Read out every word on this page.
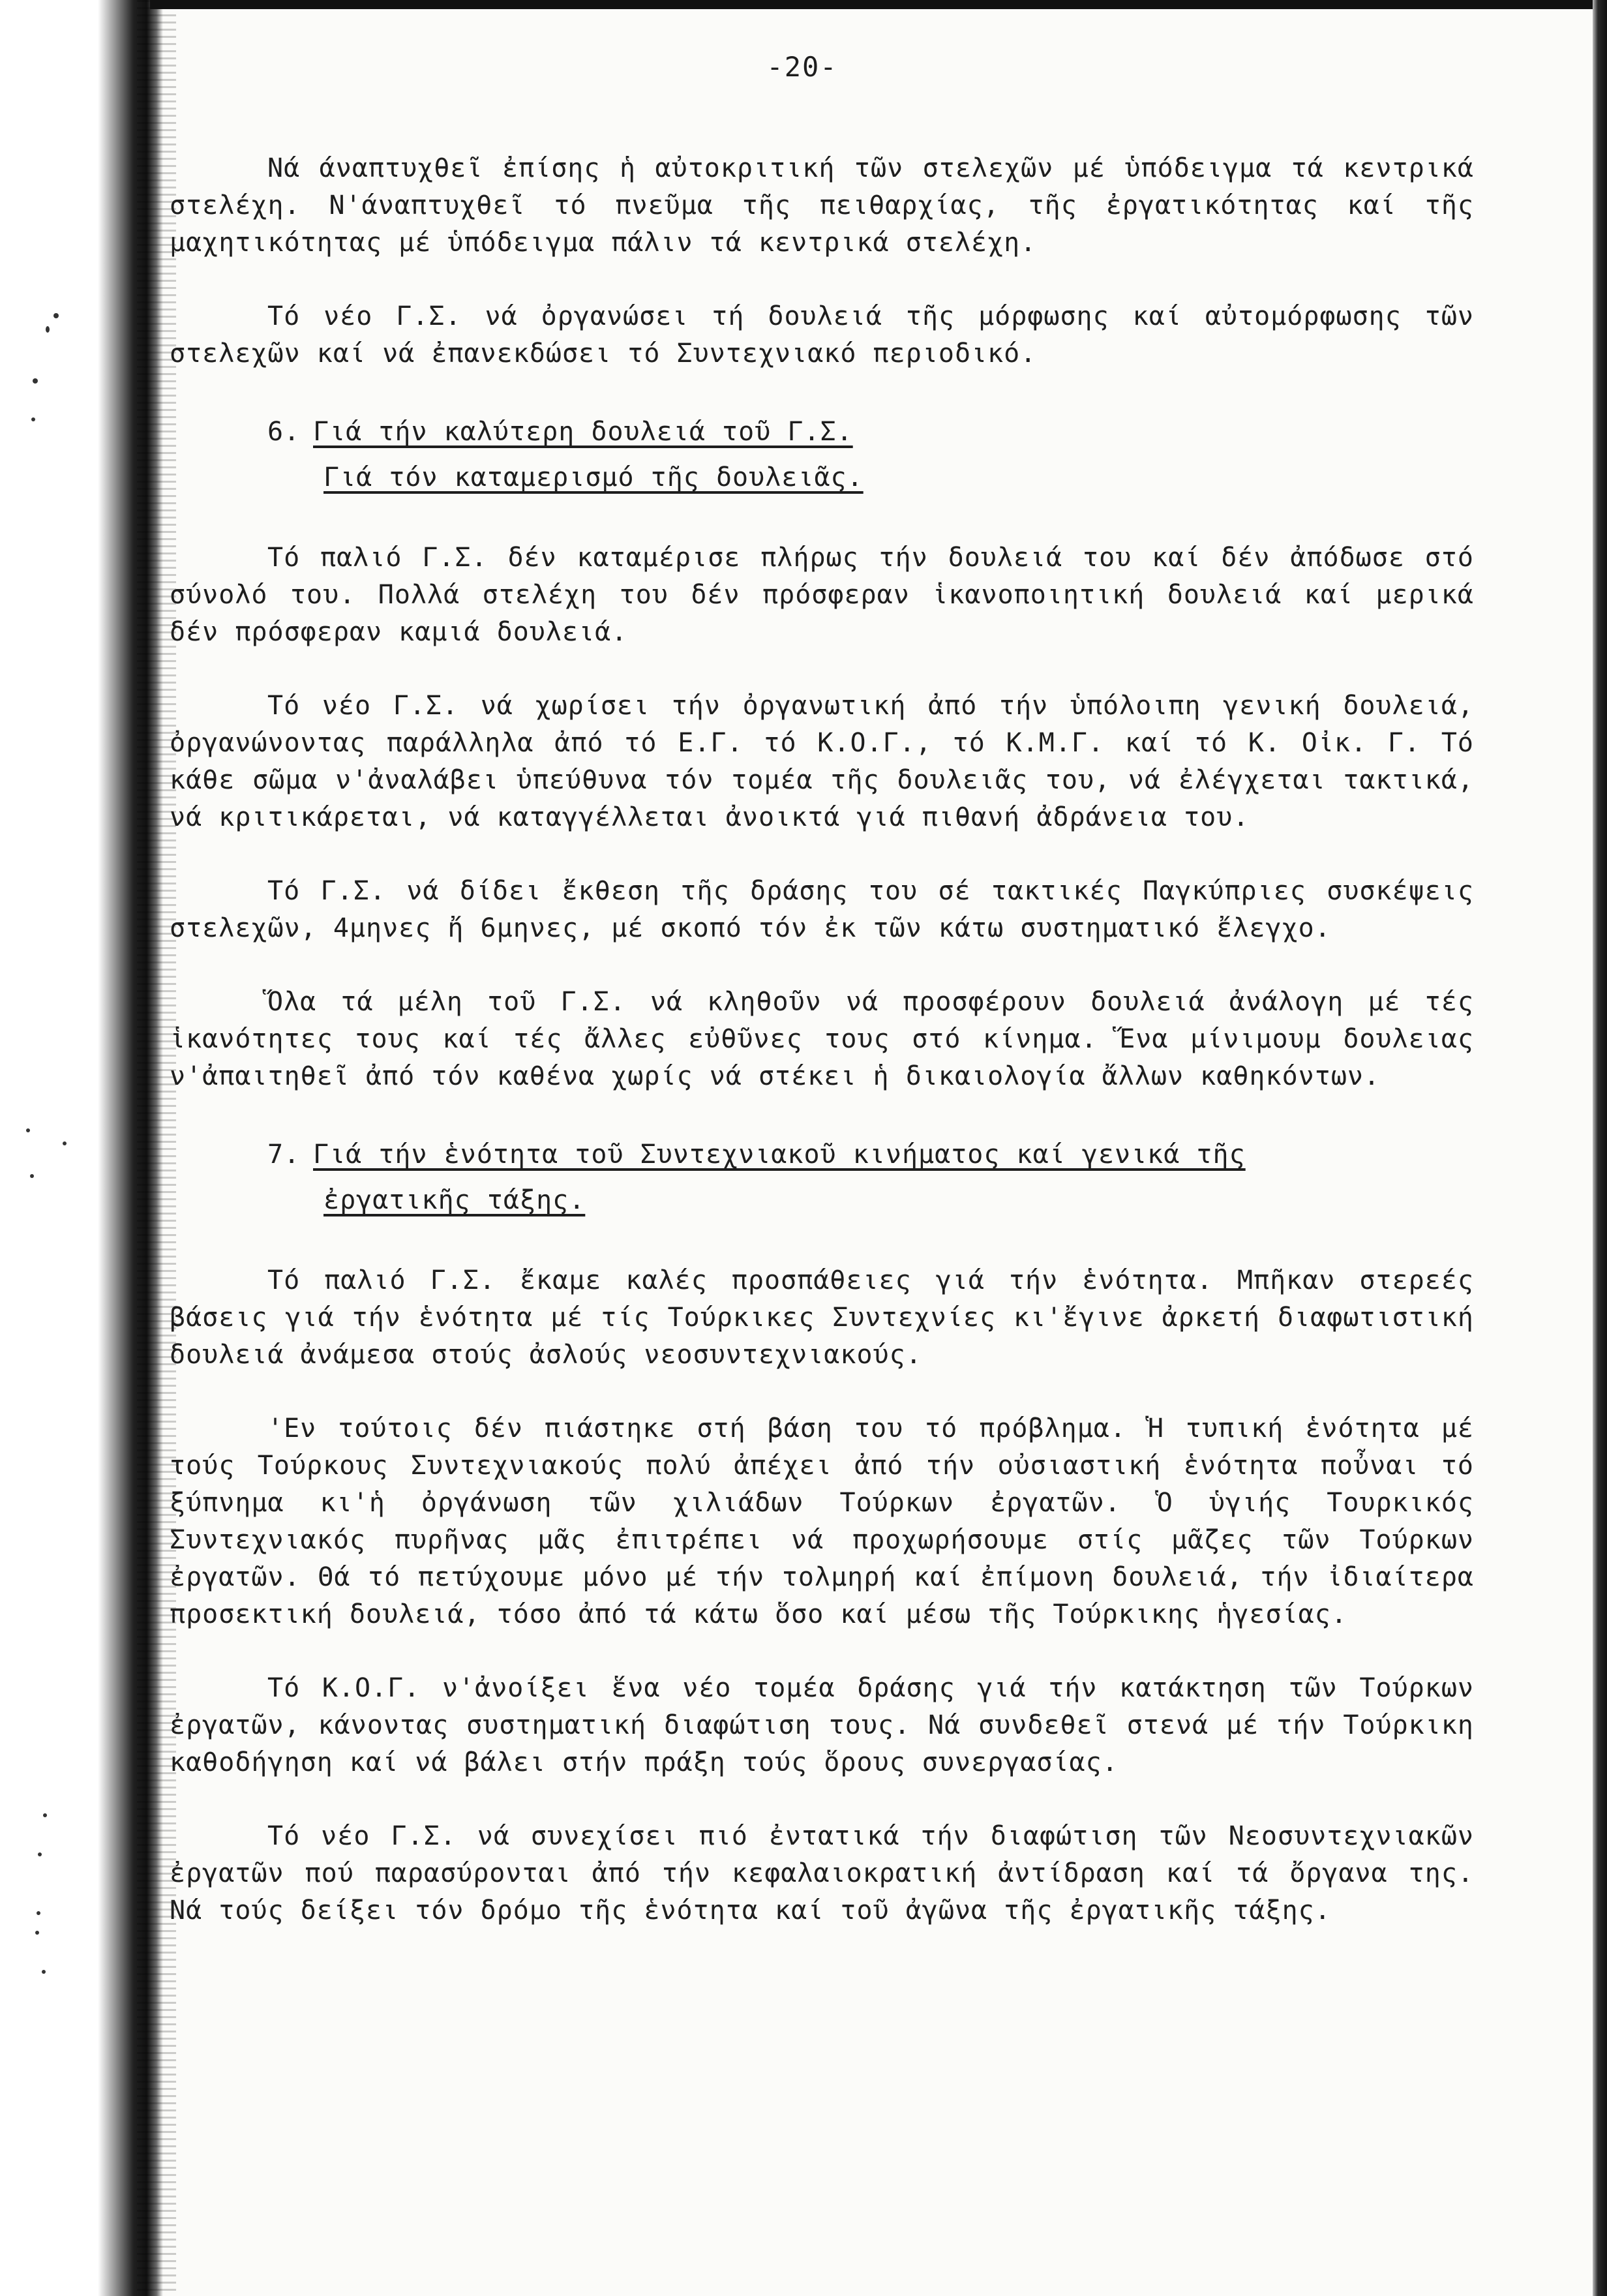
-20-

Νά άναπτυχθεῖ ἐπίσης ἡ αὐτοκριτική τῶν στελεχῶν μέ ὑπόδειγμα τά κεντρικά στελέχη. Ν'άναπτυχθεῖ τό πνεῦμα τῆς πειθαρχίας, τῆς ἐργατικότητας καί τῆς μαχητικότητας μέ ὑπόδειγμα πάλιν τά κεντρικά στελέχη.

Τό νέο Γ.Σ. νά ὀργανώσει τή δουλειά τῆς μόρφωσης καί αὐτομόρφωσης τῶν στελεχῶν καί νά ἐπανεκδώσει τό Συντεχνιακό περιοδικό.

6. Γιά τήν καλύτερη δουλειά τοῦ Γ.Σ.
Γιά τόν καταμερισμό τῆς δουλειᾶς.

Τό παλιό Γ.Σ. δέν καταμέρισε πλήρως τήν δουλειά του καί δέν ἀπόδωσε στό σύνολό του. Πολλά στελέχη του δέν πρόσφεραν ἱκανοποιητική δουλειά καί μερικά δέν πρόσφεραν καμιά δουλειά.

Τό νέο Γ.Σ. νά χωρίσει τήν ὀργανωτική ἀπό τήν ὑπόλοιπη γενική δουλειά, ὀργανώνοντας παράλληλα ἀπό τό Ε.Γ. τό Κ.Ο.Γ., τό Κ.Μ.Γ. καί τό Κ. Οἰκ. Γ. Τό κάθε σῶμα ν'ἀναλάβει ὑπεύθυνα τόν τομέα τῆς δουλειᾶς του, νά ἐλέγχεται τακτικά, νά κριτικάρεται, νά καταγγέλλεται ἀνοικτά γιά πιθανή ἀδράνεια του.

Τό Γ.Σ. νά δίδει ἔκθεση τῆς δράσης του σέ τακτικές Παγκύπριες συσκέψεις στελεχῶν, 4μηνες ἤ 6μηνες, μέ σκοπό τόν ἐκ τῶν κάτω συστηματικό ἔλεγχο.

Ὅλα τά μέλη τοῦ Γ.Σ. νά κληθοῦν νά προσφέρουν δουλειά ἀνάλογη μέ τές ἱκανότητες τους καί τές ἄλλες εὐθῦνες τους στό κίνημα. Ἕνα μίνιμουμ δουλειας ν'ἀπαιτηθεῖ ἀπό τόν καθένα χωρίς νά στέκει ἡ δικαιολογία ἄλλων καθηκόντων.

7. Γιά τήν ἑνότητα τοῦ Συντεχνιακοῦ κινήματος καί γενικά τῆς
ἐργατικῆς τάξης.

Τό παλιό Γ.Σ. ἔκαμε καλές προσπάθειες γιά τήν ἑνότητα. Μπῆκαν στερεές βάσεις γιά τήν ἑνότητα μέ τίς Τούρκικες Συντεχνίες κι'ἔγινε ἀρκετή διαφωτιστική δουλειά ἀνάμεσα στούς ἀσλούς νεοσυντεχνιακούς.

'Εν τούτοις δέν πιάστηκε στή βάση του τό πρόβλημα. Ἡ τυπική ἑνότητα μέ τούς Τούρκους Συντεχνιακούς πολύ ἀπέχει ἀπό τήν οὐσιαστική ἑνότητα ποὖναι τό ξύπνημα κι'ἡ ὀργάνωση τῶν χιλιάδων Τούρκων ἐργατῶν. Ὁ ὑγιής Τουρκικός Συντεχνιακός πυρῆνας μᾶς ἐπιτρέπει νά προχωρήσουμε στίς μᾶζες τῶν Τούρκων ἐργατῶν. Θά τό πετύχουμε μόνο μέ τήν τολμηρή καί ἐπίμονη δουλειά, τήν ἰδιαίτερα προσεκτική δουλειά, τόσο ἀπό τά κάτω ὅσο καί μέσω τῆς Τούρκικης ἡγεσίας.

Τό Κ.Ο.Γ. ν'ἀνοίξει ἕνα νέο τομέα δράσης γιά τήν κατάκτηση τῶν Τούρκων ἐργατῶν, κάνοντας συστηματική διαφώτιση τους. Νά συνδεθεῖ στενά μέ τήν Τούρκικη καθοδήγηση καί νά βάλει στήν πράξη τούς ὅρους συνεργασίας.

Τό νέο Γ.Σ. νά συνεχίσει πιό ἐντατικά τήν διαφώτιση τῶν Νεοσυντεχνιακῶν ἐργατῶν πού παρασύρονται ἀπό τήν κεφαλαιοκρατική ἀντίδραση καί τά ὄργανα της. Νά τούς δείξει τόν δρόμο τῆς ἑνότητα καί τοῦ ἀγῶνα τῆς ἐργατικῆς τάξης.
